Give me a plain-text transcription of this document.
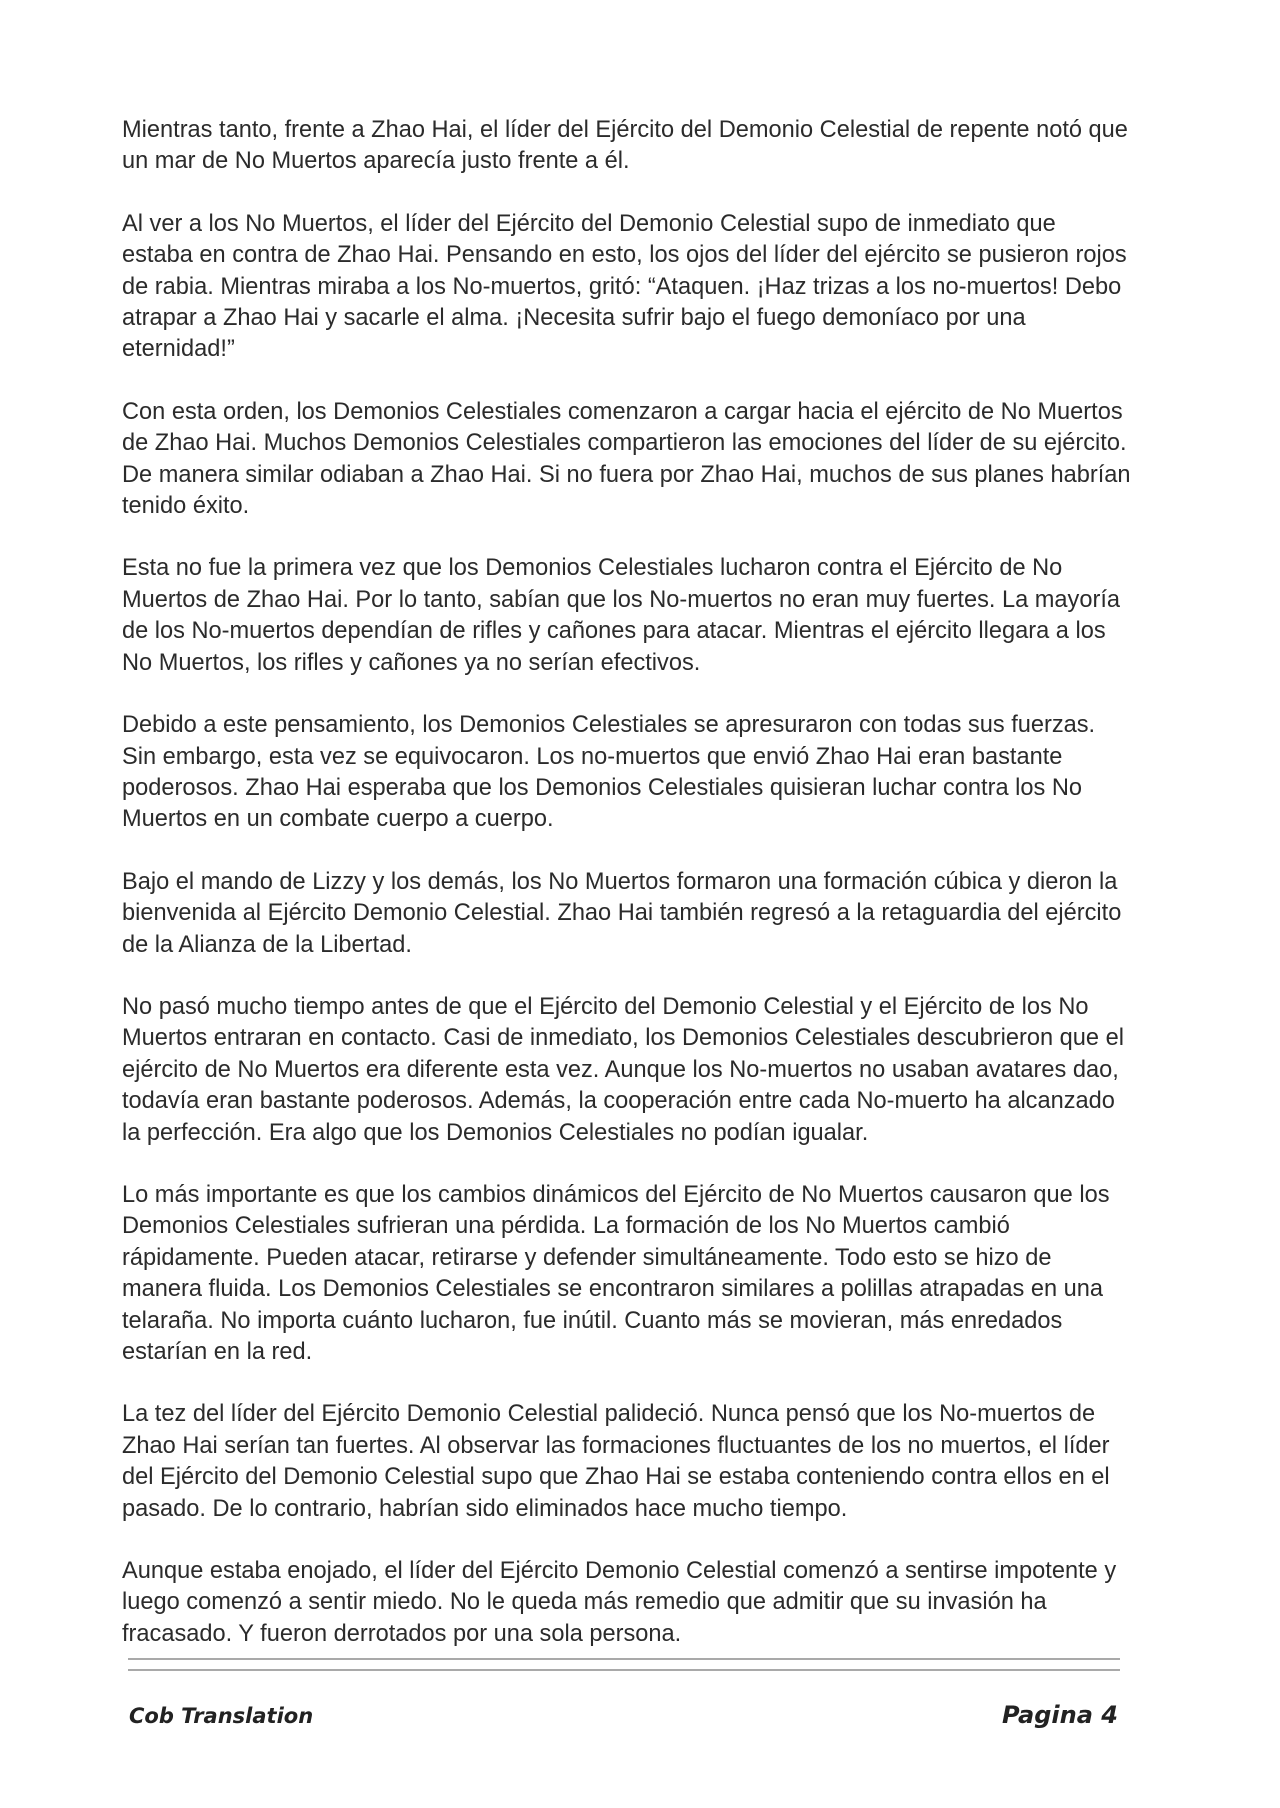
Mientras tanto, frente a Zhao Hai, el líder del Ejército del Demonio Celestial de repente notó que un mar de No Muertos aparecía justo frente a él.

Al ver a los No Muertos, el líder del Ejército del Demonio Celestial supo de inmediato que estaba en contra de Zhao Hai. Pensando en esto, los ojos del líder del ejército se pusieron rojos de rabia. Mientras miraba a los No-muertos, gritó: “Ataquen. ¡Haz trizas a los no-muertos! Debo atrapar a Zhao Hai y sacarle el alma. ¡Necesita sufrir bajo el fuego demoníaco por una eternidad!”

Con esta orden, los Demonios Celestiales comenzaron a cargar hacia el ejército de No Muertos de Zhao Hai. Muchos Demonios Celestiales compartieron las emociones del líder de su ejército. De manera similar odiaban a Zhao Hai. Si no fuera por Zhao Hai, muchos de sus planes habrían tenido éxito.

Esta no fue la primera vez que los Demonios Celestiales lucharon contra el Ejército de No Muertos de Zhao Hai. Por lo tanto, sabían que los No-muertos no eran muy fuertes. La mayoría de los No-muertos dependían de rifles y cañones para atacar. Mientras el ejército llegara a los No Muertos, los rifles y cañones ya no serían efectivos.

Debido a este pensamiento, los Demonios Celestiales se apresuraron con todas sus fuerzas. Sin embargo, esta vez se equivocaron. Los no-muertos que envió Zhao Hai eran bastante poderosos. Zhao Hai esperaba que los Demonios Celestiales quisieran luchar contra los No Muertos en un combate cuerpo a cuerpo.

Bajo el mando de Lizzy y los demás, los No Muertos formaron una formación cúbica y dieron la bienvenida al Ejército Demonio Celestial. Zhao Hai también regresó a la retaguardia del ejército de la Alianza de la Libertad.

No pasó mucho tiempo antes de que el Ejército del Demonio Celestial y el Ejército de los No Muertos entraran en contacto. Casi de inmediato, los Demonios Celestiales descubrieron que el ejército de No Muertos era diferente esta vez. Aunque los No-muertos no usaban avatares dao, todavía eran bastante poderosos. Además, la cooperación entre cada No-muerto ha alcanzado la perfección. Era algo que los Demonios Celestiales no podían igualar.

Lo más importante es que los cambios dinámicos del Ejército de No Muertos causaron que los Demonios Celestiales sufrieran una pérdida. La formación de los No Muertos cambió rápidamente. Pueden atacar, retirarse y defender simultáneamente. Todo esto se hizo de manera fluida. Los Demonios Celestiales se encontraron similares a polillas atrapadas en una telaraña. No importa cuánto lucharon, fue inútil. Cuanto más se movieran, más enredados estarían en la red.

La tez del líder del Ejército Demonio Celestial palideció. Nunca pensó que los No-muertos de Zhao Hai serían tan fuertes. Al observar las formaciones fluctuantes de los no muertos, el líder del Ejército del Demonio Celestial supo que Zhao Hai se estaba conteniendo contra ellos en el pasado. De lo contrario, habrían sido eliminados hace mucho tiempo.

Aunque estaba enojado, el líder del Ejército Demonio Celestial comenzó a sentirse impotente y luego comenzó a sentir miedo. No le queda más remedio que admitir que su invasión ha fracasado. Y fueron derrotados por una sola persona.

Cob Translation	Pagina 4
